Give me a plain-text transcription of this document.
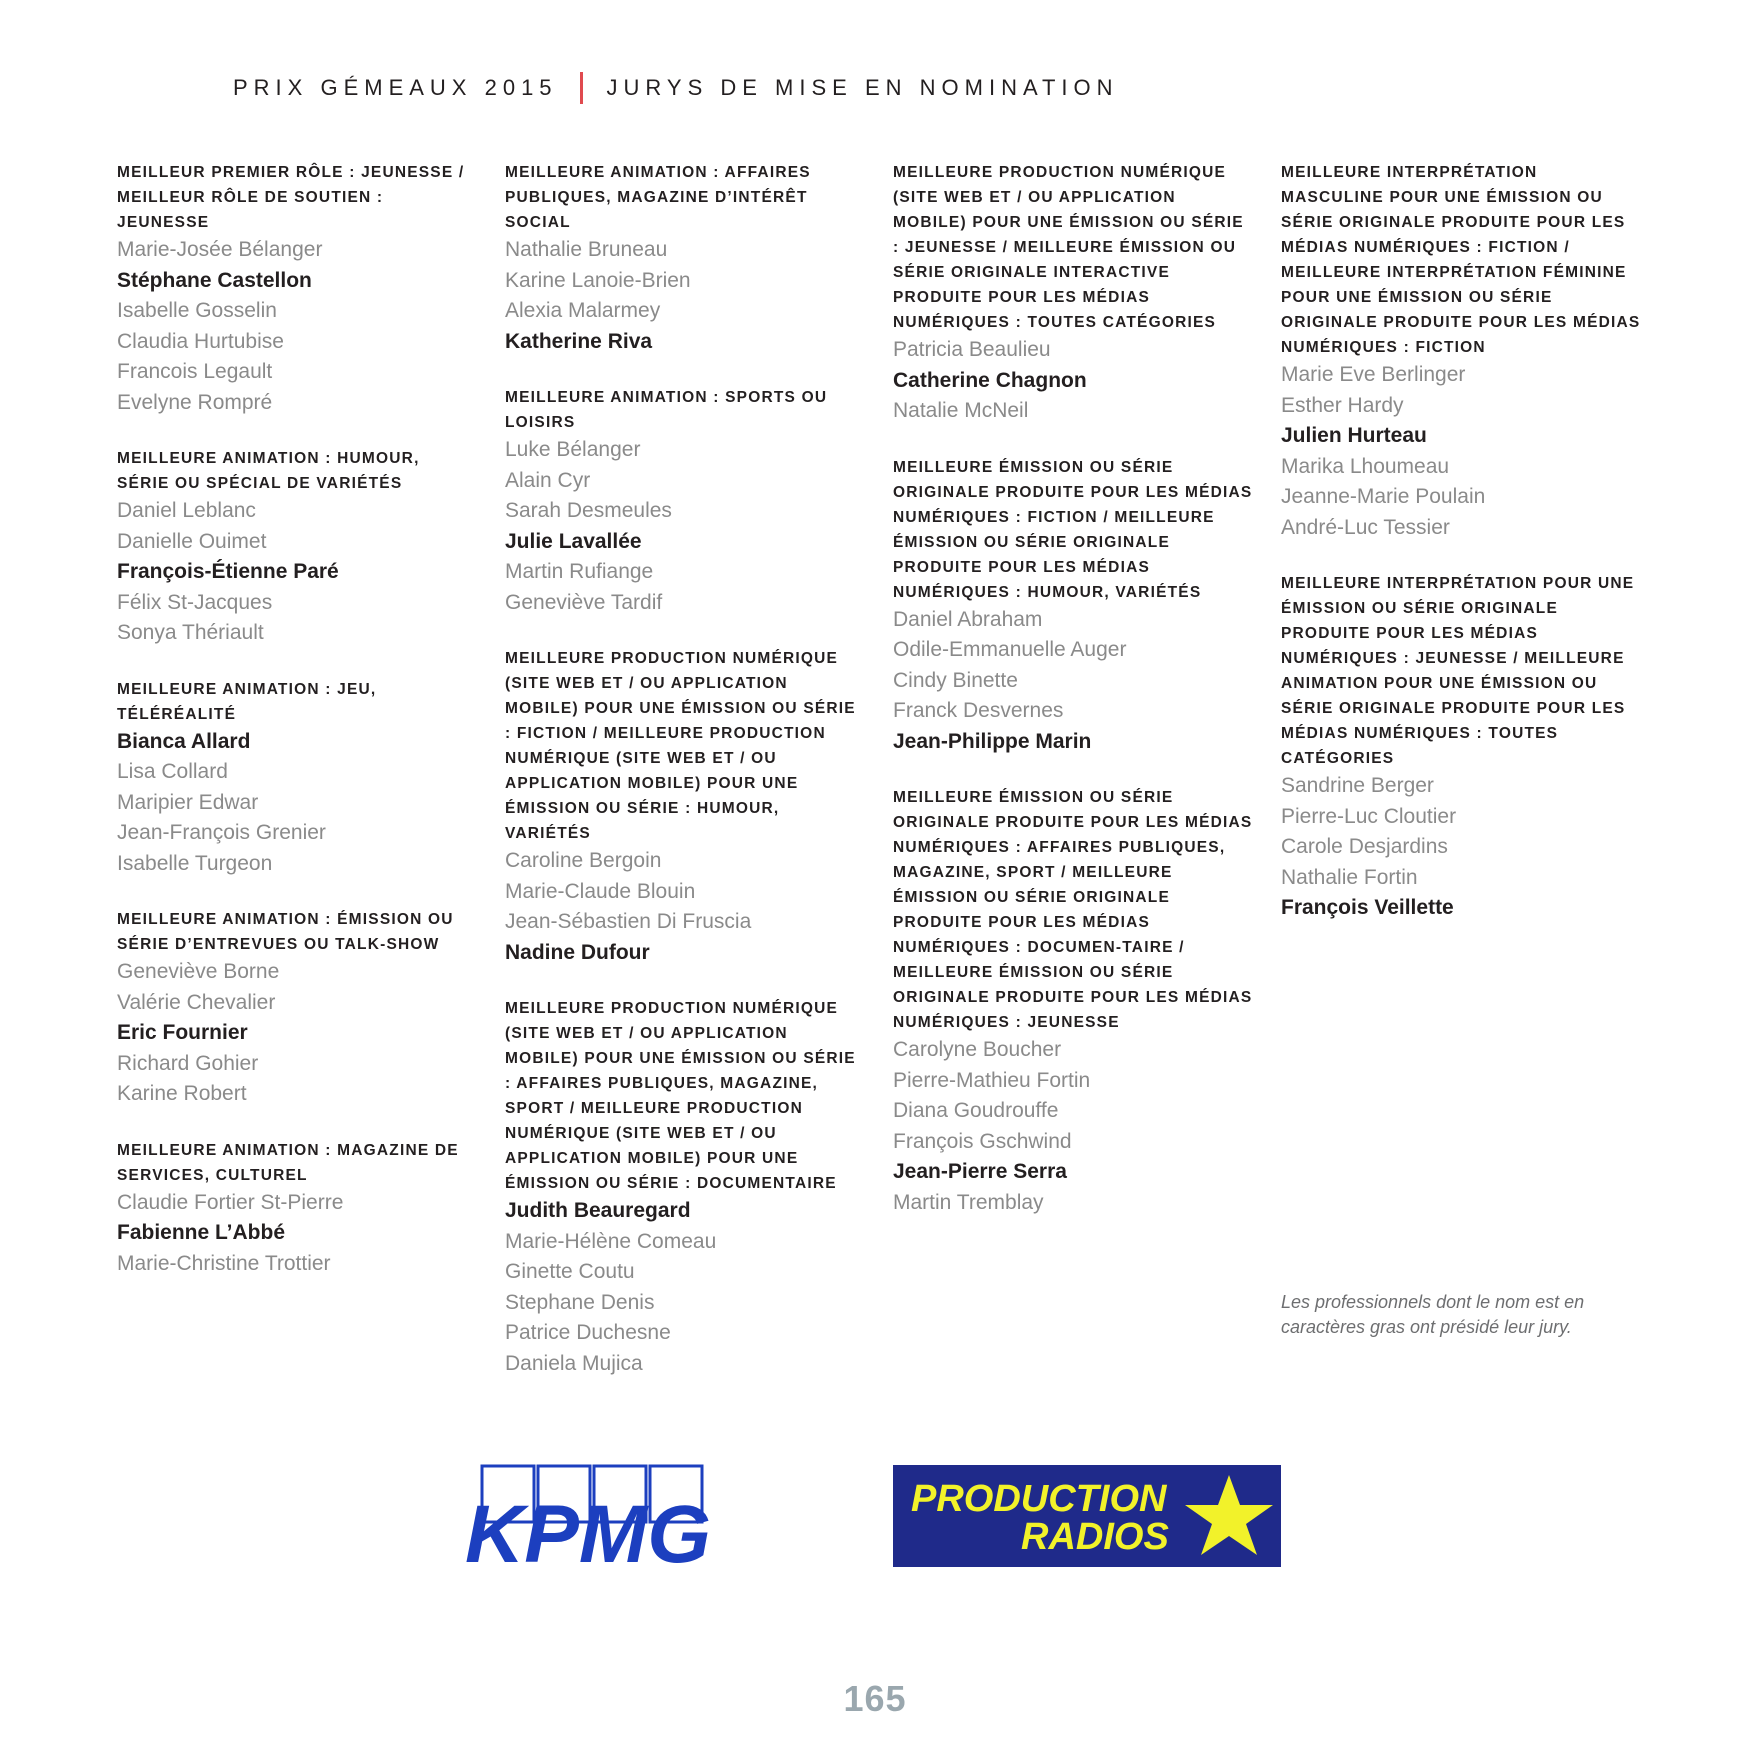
PRIX GÉMEAUX 2015 JURYS DE MISE EN NOMINATION
MEILLEUR PREMIER RÔLE : JEUNESSE / MEILLEUR RÔLE DE SOUTIEN : JEUNESSE
Marie-Josée Bélanger
Stéphane Castellon
Isabelle Gosselin
Claudia Hurtubise
Francois Legault
Evelyne Rompré
MEILLEURE ANIMATION : HUMOUR, SÉRIE OU SPÉCIAL DE VARIÉTÉS
Daniel Leblanc
Danielle Ouimet
François-Étienne Paré
Félix St-Jacques
Sonya Thériault
MEILLEURE ANIMATION : JEU, TÉLÉRÉALITÉ
Bianca Allard
Lisa Collard
Maripier Edwar
Jean-François Grenier
Isabelle Turgeon
MEILLEURE ANIMATION : ÉMISSION OU SÉRIE D’ENTREVUES OU TALK-SHOW
Geneviève Borne
Valérie Chevalier
Eric Fournier
Richard Gohier
Karine Robert
MEILLEURE ANIMATION : MAGAZINE DE SERVICES, CULTUREL
Claudie Fortier St-Pierre
Fabienne L’Abbé
Marie-Christine Trottier
MEILLEURE ANIMATION : AFFAIRES PUBLIQUES, MAGAZINE D’INTÉRÊT SOCIAL
Nathalie Bruneau
Karine Lanoie-Brien
Alexia Malarmey
Katherine Riva
MEILLEURE ANIMATION : SPORTS OU LOISIRS
Luke Bélanger
Alain Cyr
Sarah Desmeules
Julie Lavallée
Martin Rufiange
Geneviève Tardif
MEILLEURE PRODUCTION NUMÉRIQUE (SITE WEB ET / OU APPLICATION MOBILE) POUR UNE ÉMISSION OU SÉRIE : FICTION / MEILLEURE PRODUCTION NUMÉRIQUE (SITE WEB ET / OU APPLICATION MOBILE) POUR UNE ÉMISSION OU SÉRIE : HUMOUR, VARIÉTÉS
Caroline Bergoin
Marie-Claude Blouin
Jean-Sébastien Di Fruscia
Nadine Dufour
MEILLEURE PRODUCTION NUMÉRIQUE (SITE WEB ET / OU APPLICATION MOBILE) POUR UNE ÉMISSION OU SÉRIE : AFFAIRES PUBLIQUES, MAGAZINE, SPORT / MEILLEURE PRODUCTION NUMÉRIQUE (SITE WEB ET / OU APPLICATION MOBILE) POUR UNE ÉMISSION OU SÉRIE : DOCUMENTAIRE
Judith Beauregard
Marie-Hélène Comeau
Ginette Coutu
Stephane Denis
Patrice Duchesne
Daniela Mujica
MEILLEURE PRODUCTION NUMÉRIQUE (SITE WEB ET / OU APPLICATION MOBILE) POUR UNE ÉMISSION OU SÉRIE : JEUNESSE / MEILLEURE ÉMISSION OU SÉRIE ORIGINALE INTERACTIVE PRODUITE POUR LES MÉDIAS NUMÉRIQUES : TOUTES CATÉGORIES
Patricia Beaulieu
Catherine Chagnon
Natalie McNeil
MEILLEURE ÉMISSION OU SÉRIE ORIGINALE PRODUITE POUR LES MÉDIAS NUMÉRIQUES : FICTION / MEILLEURE ÉMISSION OU SÉRIE ORIGINALE PRODUITE POUR LES MÉDIAS NUMÉRIQUES : HUMOUR, VARIÉTÉS
Daniel Abraham
Odile-Emmanuelle Auger
Cindy Binette
Franck Desvernes
Jean-Philippe Marin
MEILLEURE ÉMISSION OU SÉRIE ORIGINALE PRODUITE POUR LES MÉDIAS NUMÉRIQUES : AFFAIRES PUBLIQUES, MAGAZINE, SPORT / MEILLEURE ÉMISSION OU SÉRIE ORIGINALE PRODUITE POUR LES MÉDIAS NUMÉRIQUES : DOCUMEN-TAIRE / MEILLEURE ÉMISSION OU SÉRIE ORIGINALE PRODUITE POUR LES MÉDIAS NUMÉRIQUES : JEUNESSE
Carolyne Boucher
Pierre-Mathieu Fortin
Diana Goudrouffe
François Gschwind
Jean-Pierre Serra
Martin Tremblay
MEILLEURE INTERPRÉTATION MASCULINE POUR UNE ÉMISSION OU SÉRIE ORIGINALE PRODUITE POUR LES MÉDIAS NUMÉRIQUES : FICTION / MEILLEURE INTERPRÉTATION FÉMININE POUR UNE ÉMISSION OU SÉRIE ORIGINALE PRODUITE POUR LES MÉDIAS NUMÉRIQUES : FICTION
Marie Eve Berlinger
Esther Hardy
Julien Hurteau
Marika Lhoumeau
Jeanne-Marie Poulain
André-Luc Tessier
MEILLEURE INTERPRÉTATION POUR UNE ÉMISSION OU SÉRIE ORIGINALE PRODUITE POUR LES MÉDIAS NUMÉRIQUES : JEUNESSE / MEILLEURE ANIMATION POUR UNE ÉMISSION OU SÉRIE ORIGINALE PRODUITE POUR LES MÉDIAS NUMÉRIQUES : TOUTES CATÉGORIES
Sandrine Berger
Pierre-Luc Cloutier
Carole Desjardins
Nathalie Fortin
François Veillette
Les professionnels dont le nom est en caractères gras ont présidé leur jury.
KPMG	PRODUCTION
RADIOS
165
